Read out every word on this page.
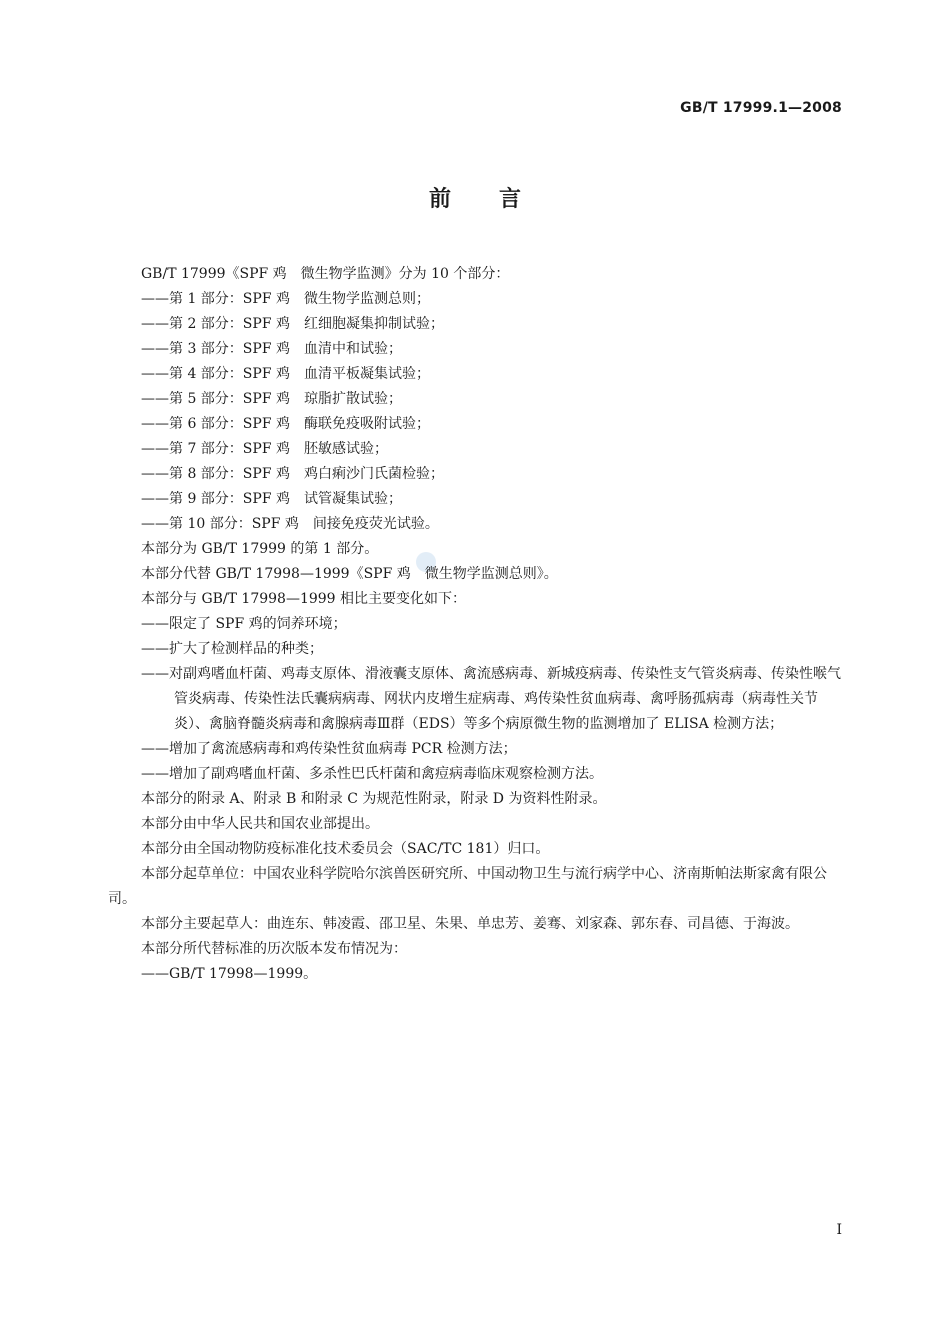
GB/T 17999.1—2008
前言

GB/T 17999《SPF 鸡　微生物学监测》分为 10 个部分：

——第 1 部分：SPF 鸡　微生物学监测总则；

——第 2 部分：SPF 鸡　红细胞凝集抑制试验；

——第 3 部分：SPF 鸡　血清中和试验；

——第 4 部分：SPF 鸡　血清平板凝集试验；

——第 5 部分：SPF 鸡　琼脂扩散试验；

——第 6 部分：SPF 鸡　酶联免疫吸附试验；

——第 7 部分：SPF 鸡　胚敏感试验；

——第 8 部分：SPF 鸡　鸡白痢沙门氏菌检验；

——第 9 部分：SPF 鸡　试管凝集试验；

——第 10 部分：SPF 鸡　间接免疫荧光试验。

本部分为 GB/T 17999 的第 1 部分。

本部分代替 GB/T 17998—1999《SPF 鸡　微生物学监测总则》。

本部分与 GB/T 17998—1999 相比主要变化如下：

——限定了 SPF 鸡的饲养环境；

——扩大了检测样品的种类；

——对副鸡嗜血杆菌、鸡毒支原体、滑液囊支原体、禽流感病毒、新城疫病毒、传染性支气管炎病毒、传染性喉气管炎病毒、传染性法氏囊病病毒、网状内皮增生症病毒、鸡传染性贫血病毒、禽呼肠孤病毒（病毒性关节炎）、禽脑脊髓炎病毒和禽腺病毒Ⅲ群（EDS）等多个病原微生物的监测增加了 ELISA 检测方法；

——增加了禽流感病毒和鸡传染性贫血病毒 PCR 检测方法；

——增加了副鸡嗜血杆菌、多杀性巴氏杆菌和禽痘病毒临床观察检测方法。

本部分的附录 A、附录 B 和附录 C 为规范性附录，附录 D 为资料性附录。

本部分由中华人民共和国农业部提出。

本部分由全国动物防疫标准化技术委员会（SAC/TC 181）归口。

本部分起草单位：中国农业科学院哈尔滨兽医研究所、中国动物卫生与流行病学中心、济南斯帕法斯家禽有限公司。

本部分主要起草人：曲连东、韩凌霞、邵卫星、朱果、单忠芳、姜骞、刘家森、郭东春、司昌德、于海波。

本部分所代替标准的历次版本发布情况为：

——GB/T 17998—1999。

I
